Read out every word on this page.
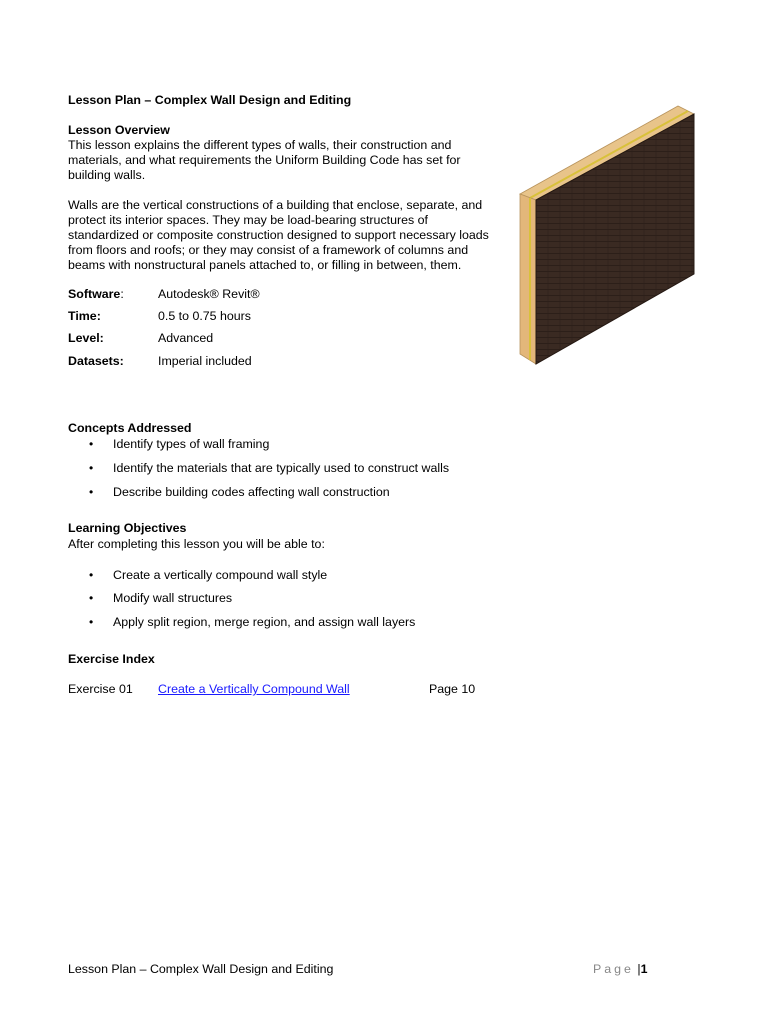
Lesson Plan – Complex Wall Design and Editing
Lesson Overview
This lesson explains the different types of walls, their construction and
materials, and what requirements the Uniform Building Code has set for
building walls.
Walls are the vertical constructions of a building that enclose, separate, and
protect its interior spaces. They may be load-bearing structures of
standardized or composite construction designed to support necessary loads
from floors and roofs; or they may consist of a framework of columns and
beams with nonstructural panels attached to, or filling in between, them.
Software:	Autodesk® Revit®
Time:	0.5 to 0.75 hours
Level:	Advanced
Datasets:	Imperial included
Concepts Addressed
• Identify types of wall framing
• Identify the materials that are typically used to construct walls
• Describe building codes affecting wall construction
Learning Objectives
After completing this lesson you will be able to:
• Create a vertically compound wall style
• Modify wall structures
• Apply split region, merge region, and assign wall layers
Exercise Index
Exercise 01 Create a Vertically Compound Wall	Page 10
Lesson Plan – Complex Wall Design and Editing	Page |1
